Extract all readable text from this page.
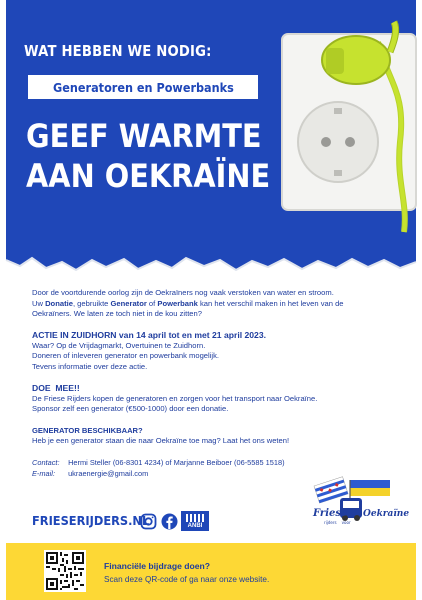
WAT HEBBEN WE NODIG:
Generatoren en Powerbanks
GEEF WARMTE
AAN OEKRAÏNE

Door de voortdurende oorlog zijn de Oekraïners nog vaak verstoken van water en stroom.

Uw Donatie, gebruikte Generator of Powerbank kan het verschil maken in het leven van de

Oekraïners. We laten ze toch niet in de kou zitten?

ACTIE IN ZUIDHORN van 14 april tot en met 21 april 2023.

Waar? Op de Vrijdagmarkt, Overtuinen te Zuidhorn.

Doneren of inleveren generator en powerbank mogelijk.

Tevens informatie over deze actie.

DOE  MEE!!

De Friese Rijders kopen de generatoren en zorgen voor het transport naar Oekraïne.

Sponsor zelf een generator (€500-1000) door een donatie.

GENERATOR BESCHIKBAAR?

Heb je een generator staan die naar Oekraïne toe mag? Laat het ons weten!

Contact: Hermi Steller (06-8301 4234) of Marjanne Beiboer (06-5585 1518)
E-mail: ukraenergie@gmail.com
FRIESERIJDERS.NL	ANBI
Friese Oekraïne
rijders    voor
Financiële bijdrage doen?
Scan deze QR-code of ga naar onze website.
